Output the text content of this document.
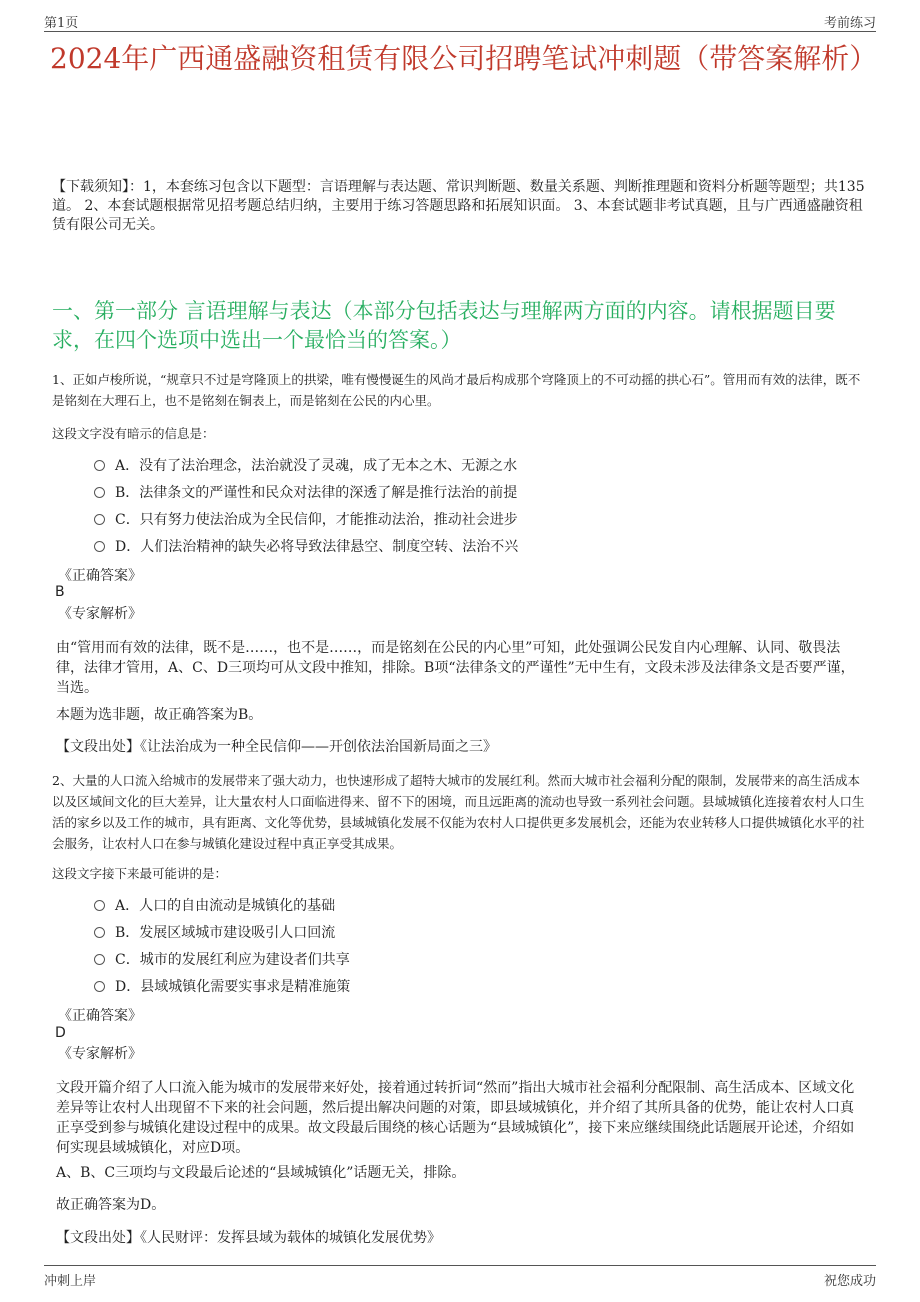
第1页	考前练习
2024年广西通盛融资租赁有限公司招聘笔试冲刺题（带答案解析）
【下载须知】：1，本套练习包含以下题型：言语理解与表达题、常识判断题、数量关系题、判断推理题和资料分析题等题型；共135道。 2、本套试题根据常见招考题总结归纳，主要用于练习答题思路和拓展知识面。 3、本套试题非考试真题，且与广西通盛融资租赁有限公司无关。
一、第一部分 言语理解与表达（本部分包括表达与理解两方面的内容。请根据题目要求，在四个选项中选出一个最恰当的答案。）
1、正如卢梭所说，“规章只不过是穹隆顶上的拱梁，唯有慢慢诞生的风尚才最后构成那个穹隆顶上的不可动摇的拱心石”。管用而有效的法律，既不是铭刻在大理石上，也不是铭刻在铜表上，而是铭刻在公民的内心里。
这段文字没有暗示的信息是：
A．没有了法治理念，法治就没了灵魂，成了无本之木、无源之水
B．法律条文的严谨性和民众对法律的深透了解是推行法治的前提
C．只有努力使法治成为全民信仰，才能推动法治，推动社会进步
D．人们法治精神的缺失必将导致法律悬空、制度空转、法治不兴
《正确答案》
B
《专家解析》
由“管用而有效的法律，既不是……，也不是……，而是铭刻在公民的内心里”可知，此处强调公民发自内心理解、认同、敬畏法律，法律才管用，A、C、D三项均可从文段中推知，排除。B项“法律条文的严谨性”无中生有，文段未涉及法律条文是否要严谨，当选。
本题为选非题，故正确答案为B。
【文段出处】《让法治成为一种全民信仰——开创依法治国新局面之三》
2、大量的人口流入给城市的发展带来了强大动力，也快速形成了超特大城市的发展红利。然而大城市社会福利分配的限制，发展带来的高生活成本以及区域间文化的巨大差异，让大量农村人口面临进得来、留不下的困境，而且远距离的流动也导致一系列社会问题。县域城镇化连接着农村人口生活的家乡以及工作的城市，具有距离、文化等优势，县域城镇化发展不仅能为农村人口提供更多发展机会，还能为农业转移人口提供城镇化水平的社会服务，让农村人口在参与城镇化建设过程中真正享受其成果。
这段文字接下来最可能讲的是：
A．人口的自由流动是城镇化的基础
B．发展区域城市建设吸引人口回流
C．城市的发展红利应为建设者们共享
D．县域城镇化需要实事求是精准施策
《正确答案》
D
《专家解析》
文段开篇介绍了人口流入能为城市的发展带来好处，接着通过转折词“然而”指出大城市社会福利分配限制、高生活成本、区域文化差异等让农村人出现留不下来的社会问题，然后提出解决问题的对策，即县域城镇化，并介绍了其所具备的优势，能让农村人口真正享受到参与城镇化建设过程中的成果。故文段最后围绕的核心话题为“县域城镇化”，接下来应继续围绕此话题展开论述，介绍如何实现县域城镇化，对应D项。
A、B、C三项均与文段最后论述的“县域城镇化”话题无关，排除。
故正确答案为D。
【文段出处】《人民财评：发挥县域为载体的城镇化发展优势》
冲刺上岸	祝您成功
